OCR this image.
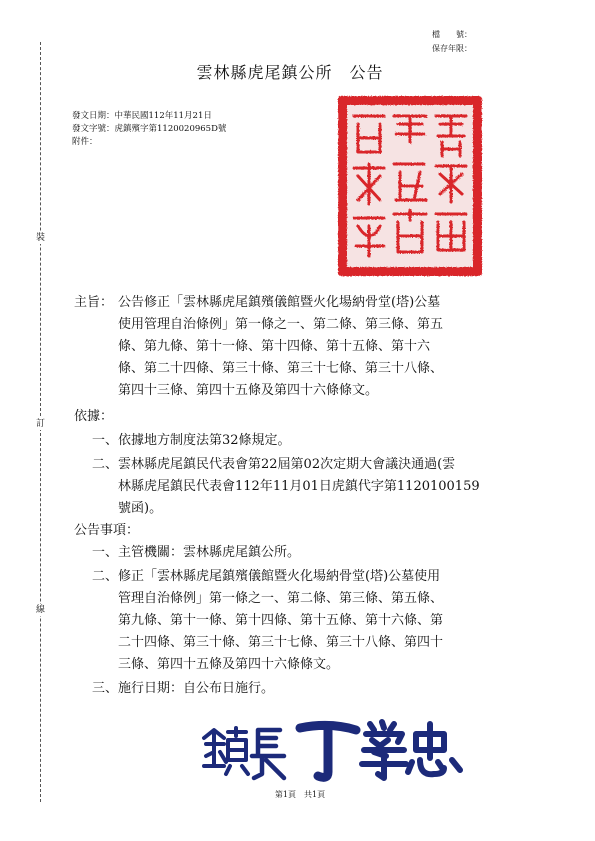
檔　　號：
保存年限：
裝
訂
線
雲林縣虎尾鎮公所　公告
發文日期：中華民國112年11月21日
發文字號：虎鎮殯字第1120020965D號
附件：
主旨： 公告修正「雲林縣虎尾鎮殯儀館暨火化場納骨堂(塔)公墓
使用管理自治條例」第一條之一、第二條、第三條、第五
條、第九條、第十一條、第十四條、第十五條、第十六
條、第二十四條、第三十條、第三十七條、第三十八條、
第四十三條、第四十五條及第四十六條條文。
依據：
一、依據地方制度法第32條規定。
二、雲林縣虎尾鎮民代表會第22屆第02次定期大會議決通過(雲
林縣虎尾鎮民代表會112年11月01日虎鎮代字第1120100159
號函)。
公告事項：
一、主管機關：雲林縣虎尾鎮公所。
二、修正「雲林縣虎尾鎮殯儀館暨火化場納骨堂(塔)公墓使用
管理自治條例」第一條之一、第二條、第三條、第五條、
第九條、第十一條、第十四條、第十五條、第十六條、第
二十四條、第三十條、第三十七條、第三十八條、第四十
三條、第四十五條及第四十六條條文。
三、施行日期：自公布日施行。
第1頁　共1頁
